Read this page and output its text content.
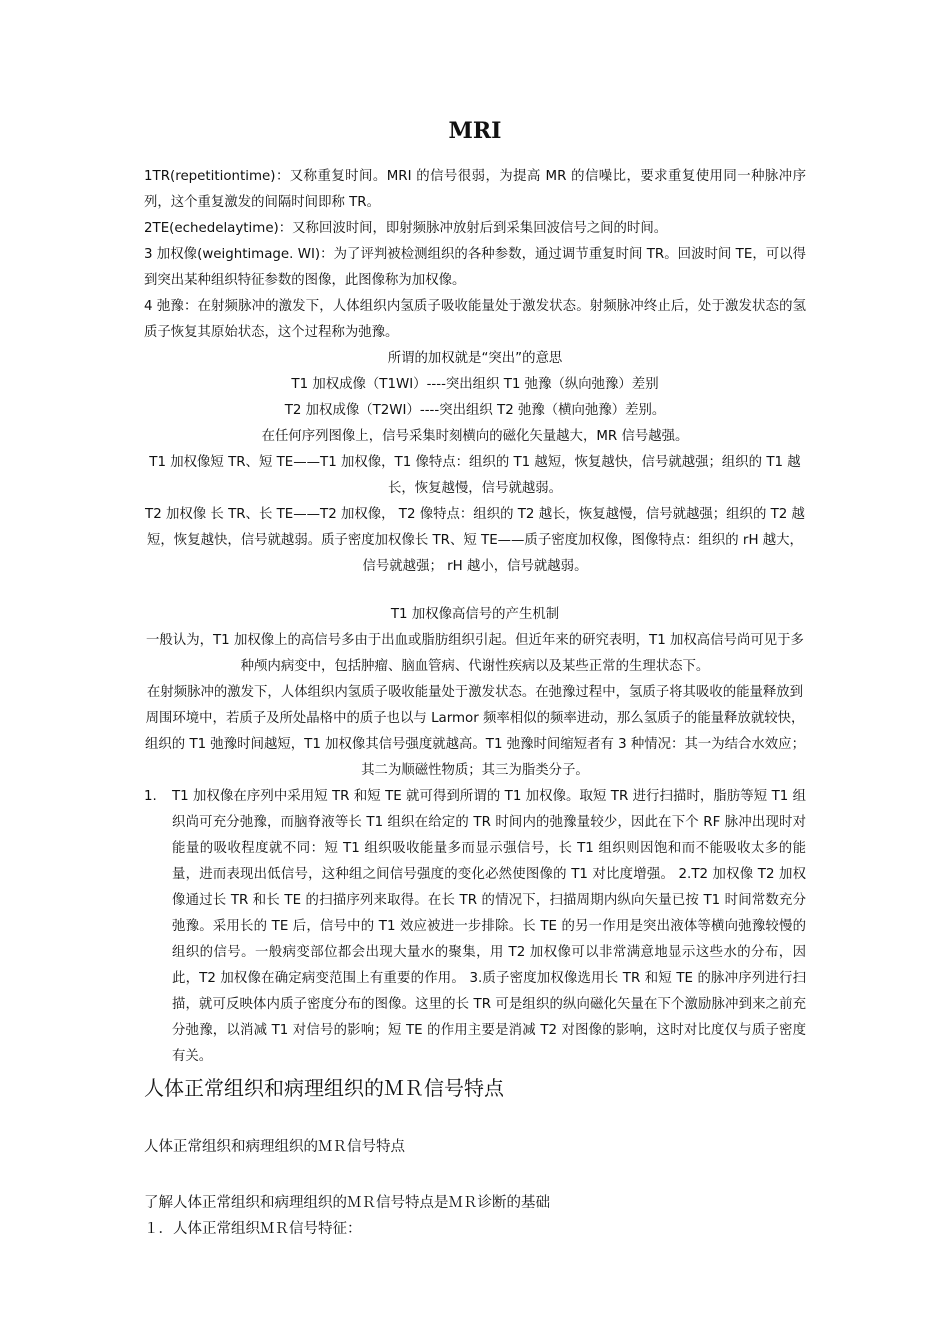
MRI

1TR(repetitiontime)：又称重复时间。MRI 的信号很弱，为提高 MR 的信噪比，要求重复使用同一种脉冲序列，这个重复激发的间隔时间即称 TR。

2TE(echedelaytime)：又称回波时间，即射频脉冲放射后到采集回波信号之间的时间。

3 加权像(weightimage. WI)：为了评判被检测组织的各种参数，通过调节重复时间 TR。回波时间 TE，可以得到突出某种组织特征参数的图像，此图像称为加权像。

4 弛豫：在射频脉冲的激发下，人体组织内氢质子吸收能量处于激发状态。射频脉冲终止后，处于激发状态的氢质子恢复其原始状态，这个过程称为弛豫。

所谓的加权就是“突出”的意思

T1 加权成像（T1WI）----突出组织 T1 弛豫（纵向弛豫）差别

T2 加权成像（T2WI）----突出组织 T2 弛豫（横向弛豫）差别。

在任何序列图像上，信号采集时刻横向的磁化矢量越大，MR 信号越强。

T1 加权像短 TR、短 TE——T1 加权像，T1 像特点：组织的 T1 越短，恢复越快，信号就越强；组织的 T1 越长，恢复越慢，信号就越弱。

T2 加权像 长 TR、长 TE——T2 加权像， T2 像特点：组织的 T2 越长，恢复越慢，信号就越强；组织的 T2 越短，恢复越快，信号就越弱。质子密度加权像长 TR、短 TE——质子密度加权像，图像特点：组织的 rH 越大，信号就越强； rH 越小，信号就越弱。

T1 加权像高信号的产生机制

一般认为，T1 加权像上的高信号多由于出血或脂肪组织引起。但近年来的研究表明，T1 加权高信号尚可见于多种颅内病变中，包括肿瘤、脑血管病、代谢性疾病以及某些正常的生理状态下。

在射频脉冲的激发下，人体组织内氢质子吸收能量处于激发状态。在弛豫过程中，氢质子将其吸收的能量释放到周围环境中，若质子及所处晶格中的质子也以与 Larmor 频率相似的频率进动，那么氢质子的能量释放就较快，组织的 T1 弛豫时间越短，T1 加权像其信号强度就越高。T1 弛豫时间缩短者有 3 种情况：其一为结合水效应；其二为顺磁性物质；其三为脂类分子。

1. T1 加权像在序列中采用短 TR 和短 TE 就可得到所谓的 T1 加权像。取短 TR 进行扫描时，脂肪等短 T1 组织尚可充分弛豫，而脑脊液等长 T1 组织在给定的 TR 时间内的弛豫量较少，因此在下个 RF 脉冲出现时对能量的吸收程度就不同：短 T1 组织吸收能量多而显示强信号，长 T1 组织则因饱和而不能吸收太多的能量，进而表现出低信号，这种组之间信号强度的变化必然使图像的 T1 对比度增强。 2.T2 加权像 T2 加权像通过长 TR 和长 TE 的扫描序列来取得。在长 TR 的情况下，扫描周期内纵向矢量已按 T1 时间常数充分弛豫。采用长的 TE 后，信号中的 T1 效应被进一步排除。长 TE 的另一作用是突出液体等横向弛豫较慢的组织的信号。一般病变部位都会出现大量水的聚集，用 T2 加权像可以非常满意地显示这些水的分布，因此，T2 加权像在确定病变范围上有重要的作用。 3.质子密度加权像选用长 TR 和短 TE 的脉冲序列进行扫描，就可反映体内质子密度分布的图像。这里的长 TR 可是组织的纵向磁化矢量在下个激励脉冲到来之前充分弛豫，以消减 T1 对信号的影响；短 TE 的作用主要是消减 T2 对图像的影响，这时对比度仅与质子密度有关。

人体正常组织和病理组织的ＭＲ信号特点

人体正常组织和病理组织的ＭＲ信号特点

了解人体正常组织和病理组织的ＭＲ信号特点是ＭＲ诊断的基础

１．人体正常组织ＭＲ信号特征：
